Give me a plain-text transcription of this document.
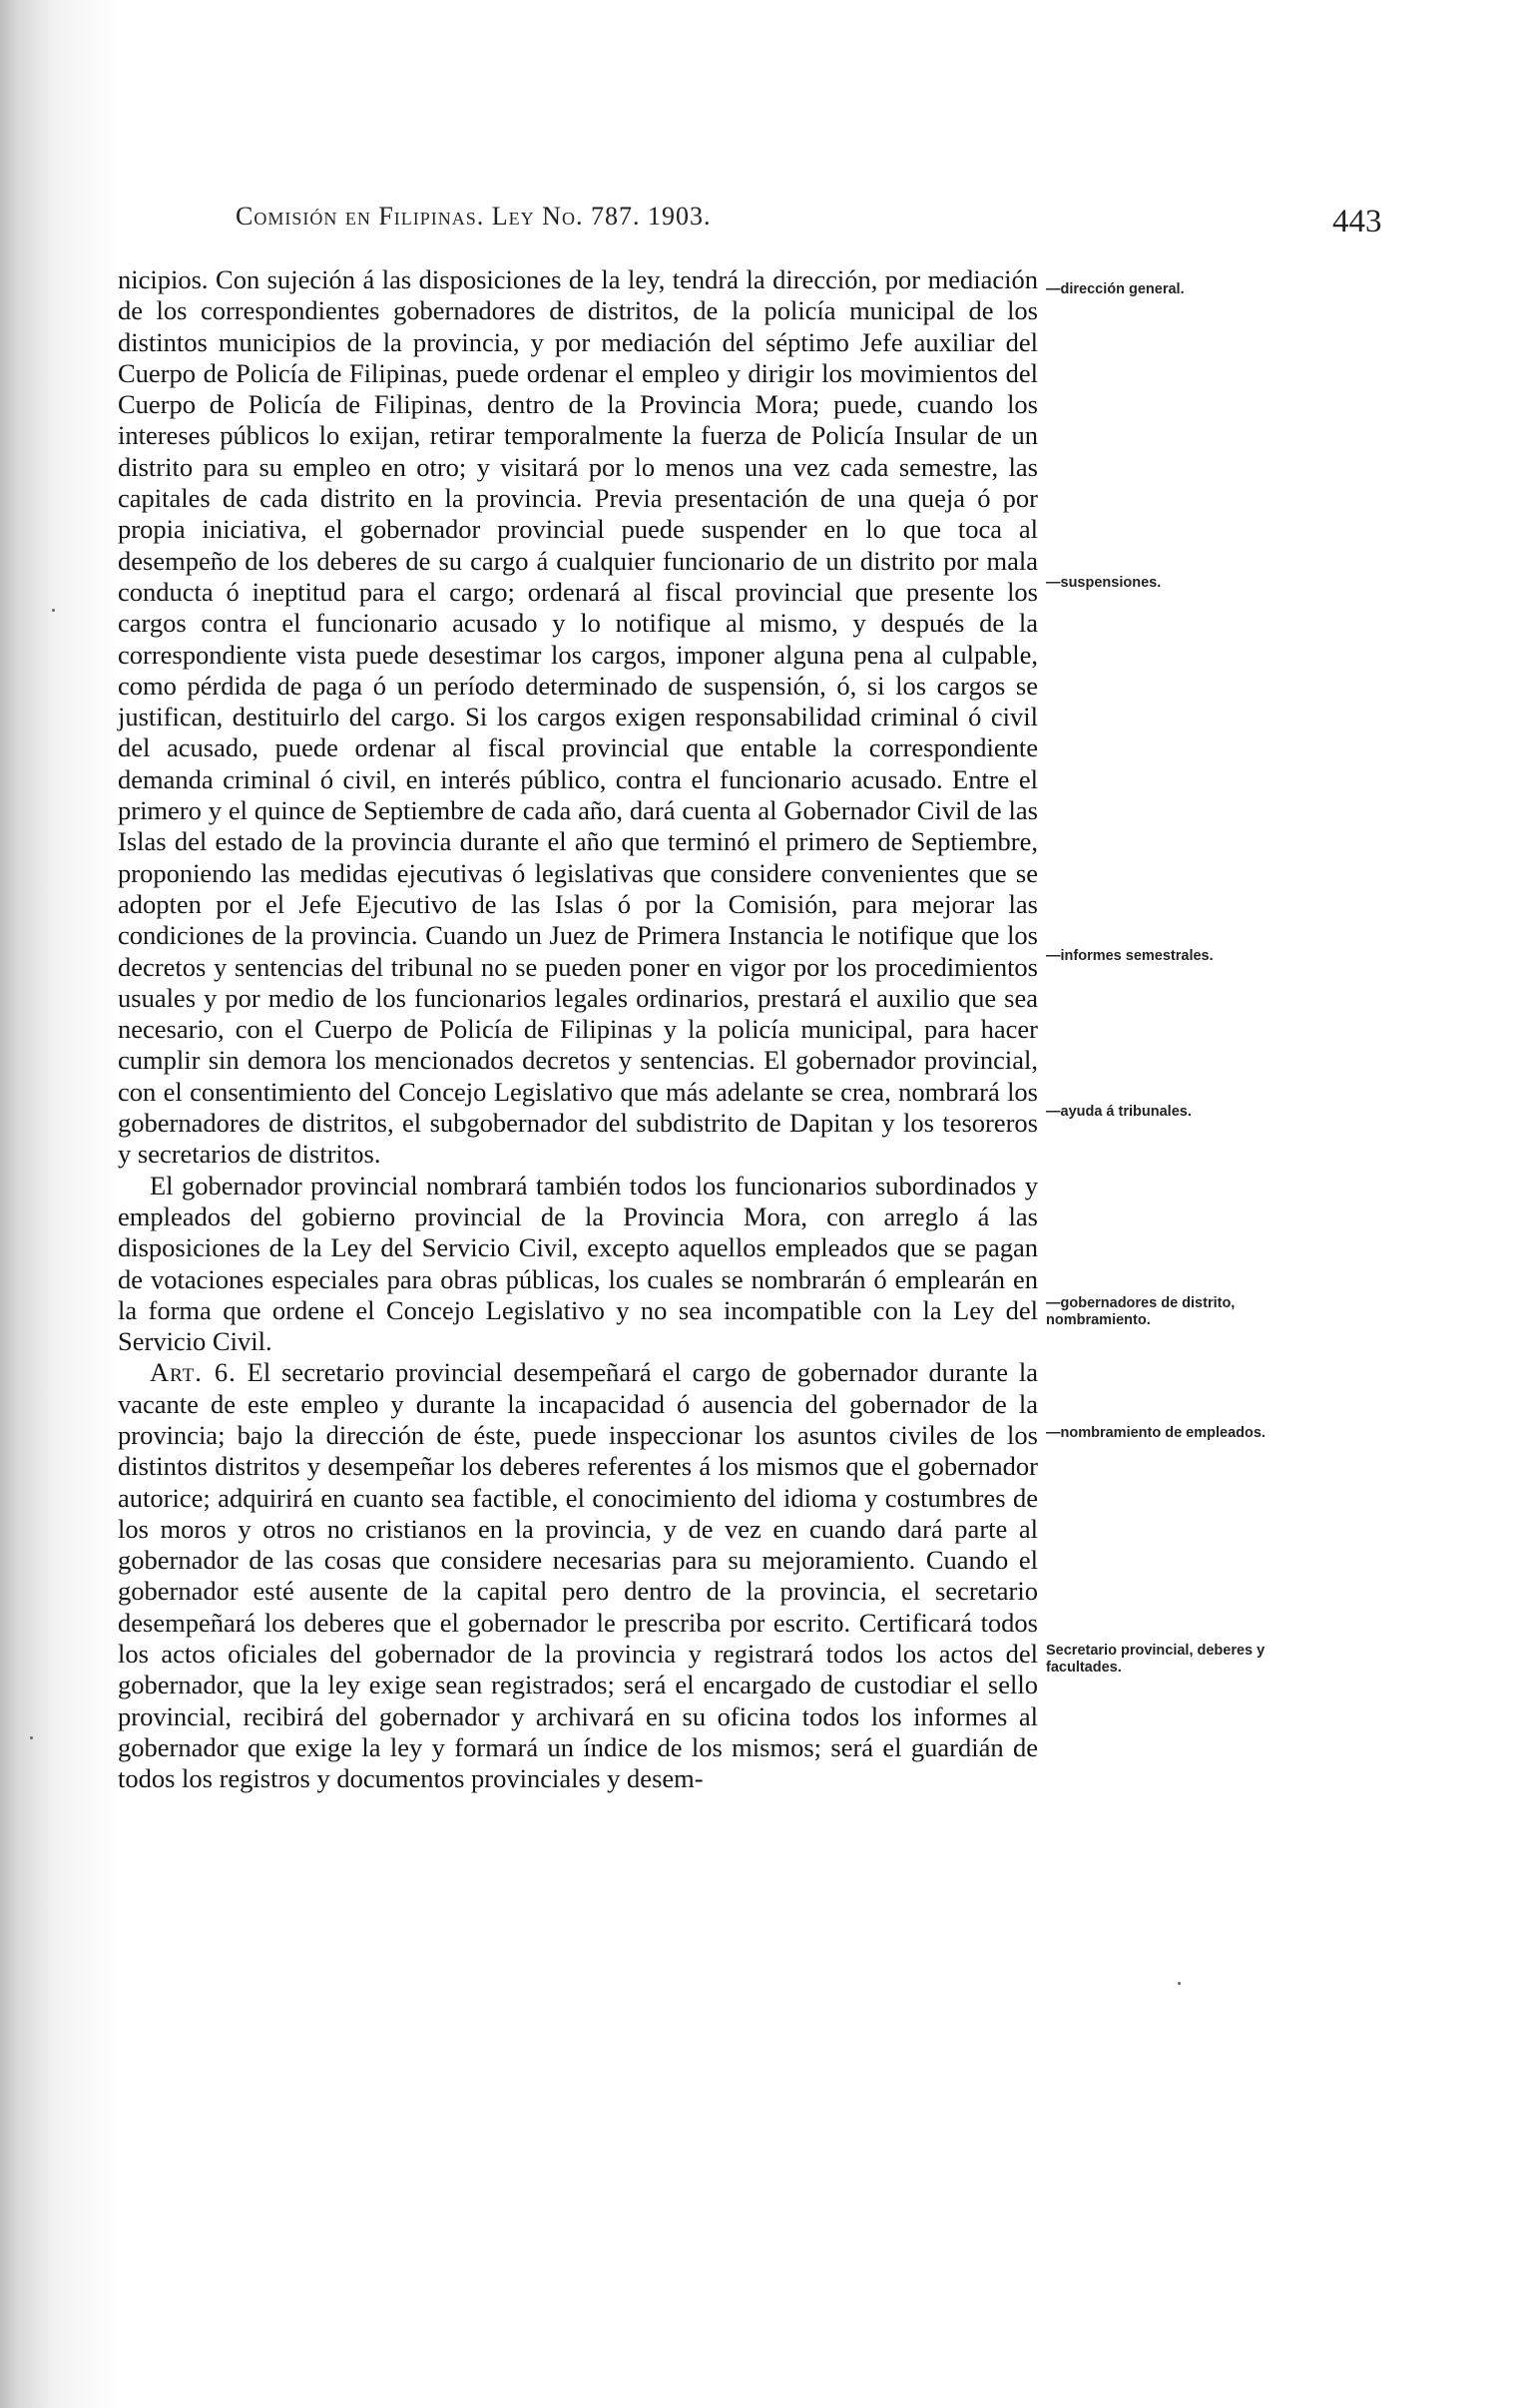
Comisión en Filipinas. Ley No. 787. 1903.	443

nicipios. Con sujeción á las disposiciones de la ley, tendrá la dirección, por mediación de los correspondientes gobernadores de distritos, de la policía municipal de los distintos municipios de la provincia, y por mediación del séptimo Jefe auxiliar del Cuerpo de Policía de Filipinas, puede ordenar el empleo y dirigir los movimientos del Cuerpo de Policía de Filipinas, dentro de la Provincia Mora; puede, cuando los intereses públicos lo exijan, retirar temporalmente la fuerza de Policía Insular de un distrito para su empleo en otro; y visitará por lo menos una vez cada semestre, las capitales de cada distrito en la provincia. Previa presentación de una queja ó por propia iniciativa, el gobernador provincial puede suspender en lo que toca al desempeño de los deberes de su cargo á cualquier funcionario de un distrito por mala conducta ó ineptitud para el cargo; ordenará al fiscal provincial que presente los cargos contra el funcionario acusado y lo notifique al mismo, y después de la correspondiente vista puede desestimar los cargos, imponer alguna pena al culpable, como pérdida de paga ó un período determinado de suspensión, ó, si los cargos se justifican, destituirlo del cargo. Si los cargos exigen responsabilidad criminal ó civil del acusado, puede ordenar al fiscal provincial que entable la correspondiente demanda criminal ó civil, en interés público, contra el funcionario acusado. Entre el primero y el quince de Septiembre de cada año, dará cuenta al Gobernador Civil de las Islas del estado de la provincia durante el año que terminó el primero de Septiembre, proponiendo las medidas ejecutivas ó legislativas que considere convenientes que se adopten por el Jefe Ejecutivo de las Islas ó por la Comisión, para mejorar las condiciones de la provincia. Cuando un Juez de Primera Instancia le notifique que los decretos y sentencias del tribunal no se pueden poner en vigor por los procedimientos usuales y por medio de los funcionarios legales ordinarios, prestará el auxilio que sea necesario, con el Cuerpo de Policía de Filipinas y la policía municipal, para hacer cumplir sin demora los mencionados decretos y sentencias. El gobernador provincial, con el consentimiento del Concejo Legislativo que más adelante se crea, nombrará los gobernadores de distritos, el subgobernador del subdistrito de Dapitan y los tesoreros y secretarios de distritos.

El gobernador provincial nombrará también todos los funcionarios subordinados y empleados del gobierno provincial de la Provincia Mora, con arreglo á las disposiciones de la Ley del Servicio Civil, excepto aquellos empleados que se pagan de votaciones especiales para obras públicas, los cuales se nombrarán ó emplearán en la forma que ordene el Concejo Legislativo y no sea incompatible con la Ley del Servicio Civil.

Art. 6. El secretario provincial desempeñará el cargo de gobernador durante la vacante de este empleo y durante la incapacidad ó ausencia del gobernador de la provincia; bajo la dirección de éste, puede inspeccionar los asuntos civiles de los distintos distritos y desempeñar los deberes referentes á los mismos que el gobernador autorice; adquirirá en cuanto sea factible, el conocimiento del idioma y costumbres de los moros y otros no cristianos en la provincia, y de vez en cuando dará parte al gobernador de las cosas que considere necesarias para su mejoramiento. Cuando el gobernador esté ausente de la capital pero dentro de la provincia, el secretario desempeñará los deberes que el gobernador le prescriba por escrito. Certificará todos los actos oficiales del gobernador de la provincia y registrará todos los actos del gobernador, que la ley exige sean registrados; será el encargado de custodiar el sello provincial, recibirá del gobernador y archivará en su oficina todos los informes al gobernador que exige la ley y formará un índice de los mismos; será el guardián de todos los registros y documentos provinciales y desem-

—dirección general.
—suspensiones.
—informes semestrales.
—ayuda á tribunales.
—gobernadores de distrito, nombramiento.
—nombramiento de empleados.
Secretario provincial, deberes y facultades.
